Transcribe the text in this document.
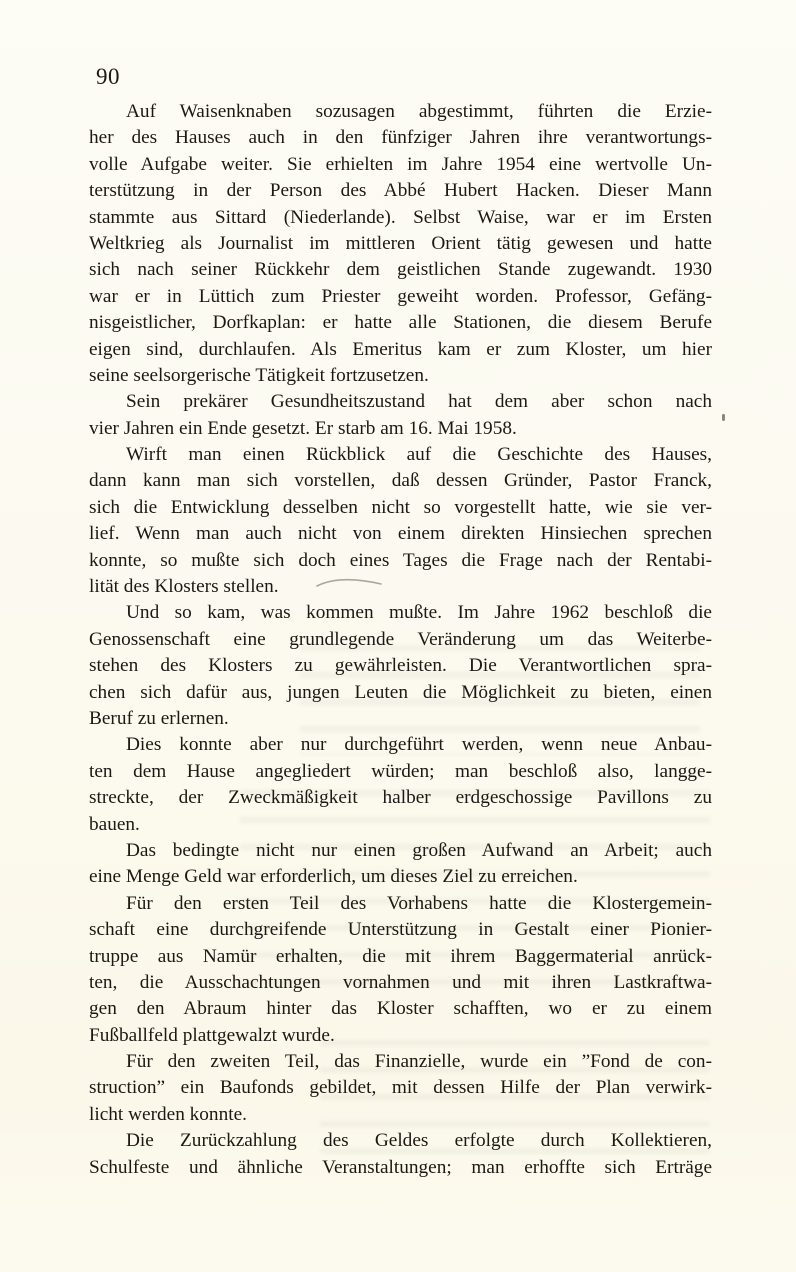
90

Auf Waisenknaben sozusagen abgestimmt, führten die Erzie-
her des Hauses auch in den fünfziger Jahren ihre verantwortungs-
volle Aufgabe weiter. Sie erhielten im Jahre 1954 eine wertvolle Un-
terstützung in der Person des Abbé Hubert Hacken. Dieser Mann
stammte aus Sittard (Niederlande). Selbst Waise, war er im Ersten
Weltkrieg als Journalist im mittleren Orient tätig gewesen und hatte
sich nach seiner Rückkehr dem geistlichen Stande zugewandt. 1930
war er in Lüttich zum Priester geweiht worden. Professor, Gefäng-
nisgeistlicher, Dorfkaplan: er hatte alle Stationen, die diesem Berufe
eigen sind, durchlaufen. Als Emeritus kam er zum Kloster, um hier
seine seelsorgerische Tätigkeit fortzusetzen.

Sein prekärer Gesundheitszustand hat dem aber schon nach
vier Jahren ein Ende gesetzt. Er starb am 16. Mai 1958.

Wirft man einen Rückblick auf die Geschichte des Hauses,
dann kann man sich vorstellen, daß dessen Gründer, Pastor Franck,
sich die Entwicklung desselben nicht so vorgestellt hatte, wie sie ver-
lief. Wenn man auch nicht von einem direkten Hinsiechen sprechen
konnte, so mußte sich doch eines Tages die Frage nach der Rentabi-
lität des Klosters stellen.

Und so kam, was kommen mußte. Im Jahre 1962 beschloß die
Genossenschaft eine grundlegende Veränderung um das Weiterbe-
stehen des Klosters zu gewährleisten. Die Verantwortlichen spra-
chen sich dafür aus, jungen Leuten die Möglichkeit zu bieten, einen
Beruf zu erlernen.

Dies konnte aber nur durchgeführt werden, wenn neue Anbau-
ten dem Hause angegliedert würden; man beschloß also, langge-
streckte, der Zweckmäßigkeit halber erdgeschossige Pavillons zu
bauen.

Das bedingte nicht nur einen großen Aufwand an Arbeit; auch
eine Menge Geld war erforderlich, um dieses Ziel zu erreichen.

Für den ersten Teil des Vorhabens hatte die Klostergemein-
schaft eine durchgreifende Unterstützung in Gestalt einer Pionier-
truppe aus Namür erhalten, die mit ihrem Baggermaterial anrück-
ten, die Ausschachtungen vornahmen und mit ihren Lastkraftwa-
gen den Abraum hinter das Kloster schafften, wo er zu einem
Fußballfeld plattgewalzt wurde.

Für den zweiten Teil, das Finanzielle, wurde ein ”Fond de con-
struction” ein Baufonds gebildet, mit dessen Hilfe der Plan verwirk-
licht werden konnte.

Die Zurückzahlung des Geldes erfolgte durch Kollektieren,
Schulfeste und ähnliche Veranstaltungen; man erhoffte sich Erträge
